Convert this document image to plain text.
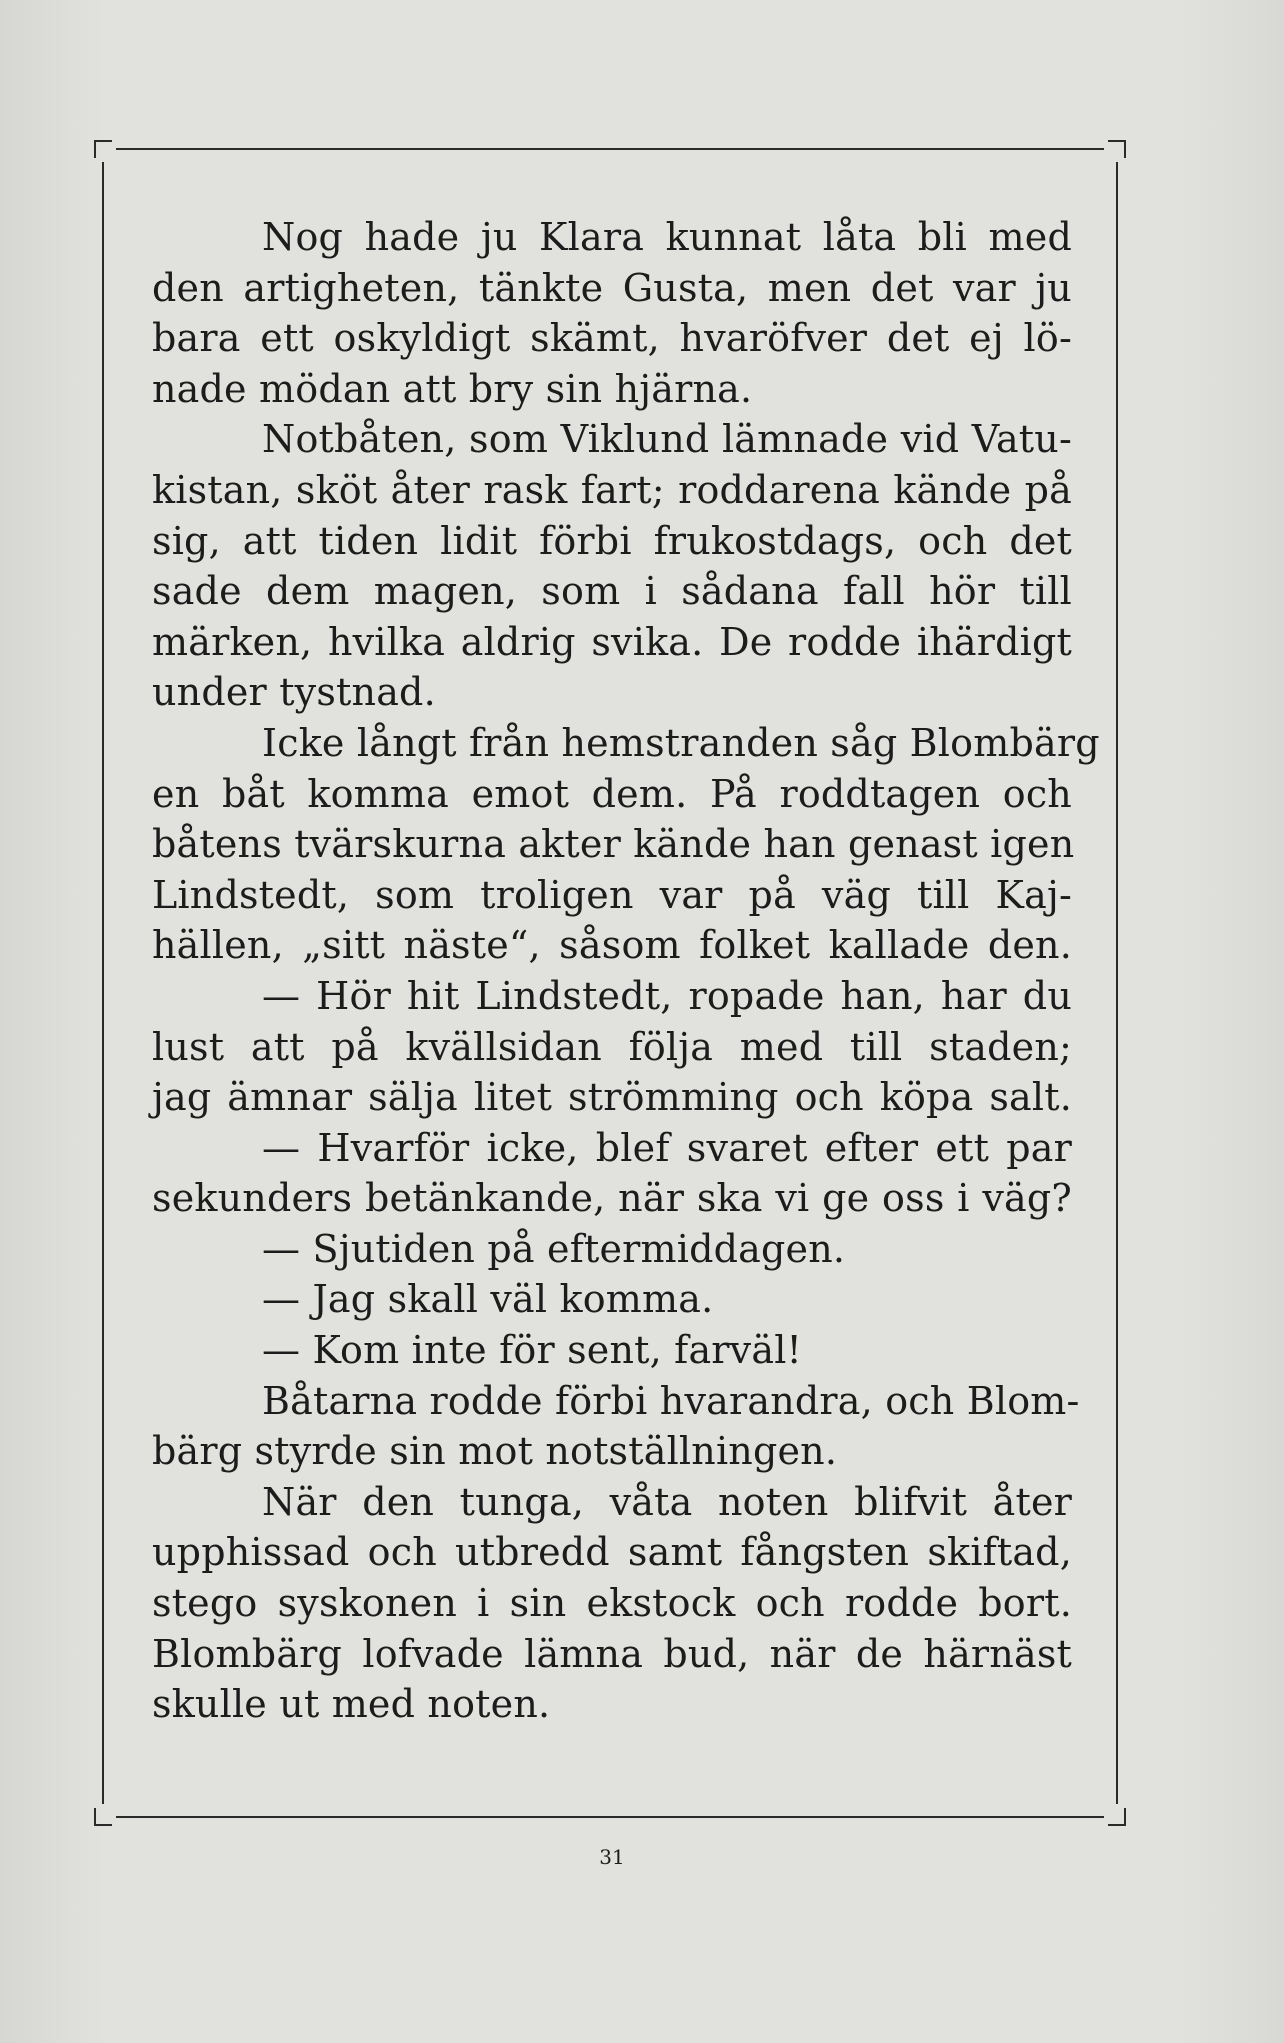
Nog hade ju Klara kunnat låta bli med
den artigheten, tänkte Gusta, men det var ju
bara ett oskyldigt skämt, hvaröfver det ej lö-
nade mödan att bry sin hjärna.
Notbåten, som Viklund lämnade vid Vatu-
kistan, sköt åter rask fart; roddarena kände på
sig, att tiden lidit förbi frukostdags, och det
sade dem magen, som i sådana fall hör till
märken, hvilka aldrig svika. De rodde ihärdigt
under tystnad.
Icke långt från hemstranden såg Blombärg
en båt komma emot dem. På roddtagen och
båtens tvärskurna akter kände han genast igen
Lindstedt, som troligen var på väg till Kaj-
hällen, „sitt näste“, såsom folket kallade den.
— Hör hit Lindstedt, ropade han, har du
lust att på kvällsidan följa med till staden;
jag ämnar sälja litet strömming och köpa salt.
— Hvarför icke, blef svaret efter ett par
sekunders betänkande, när ska vi ge oss i väg?
— Sjutiden på eftermiddagen.
— Jag skall väl komma.
— Kom inte för sent, farväl!
Båtarna rodde förbi hvarandra, och Blom-
bärg styrde sin mot notställningen.
När den tunga, våta noten blifvit åter
upphissad och utbredd samt fångsten skiftad,
stego syskonen i sin ekstock och rodde bort.
Blombärg lofvade lämna bud, när de härnäst
skulle ut med noten.
31
